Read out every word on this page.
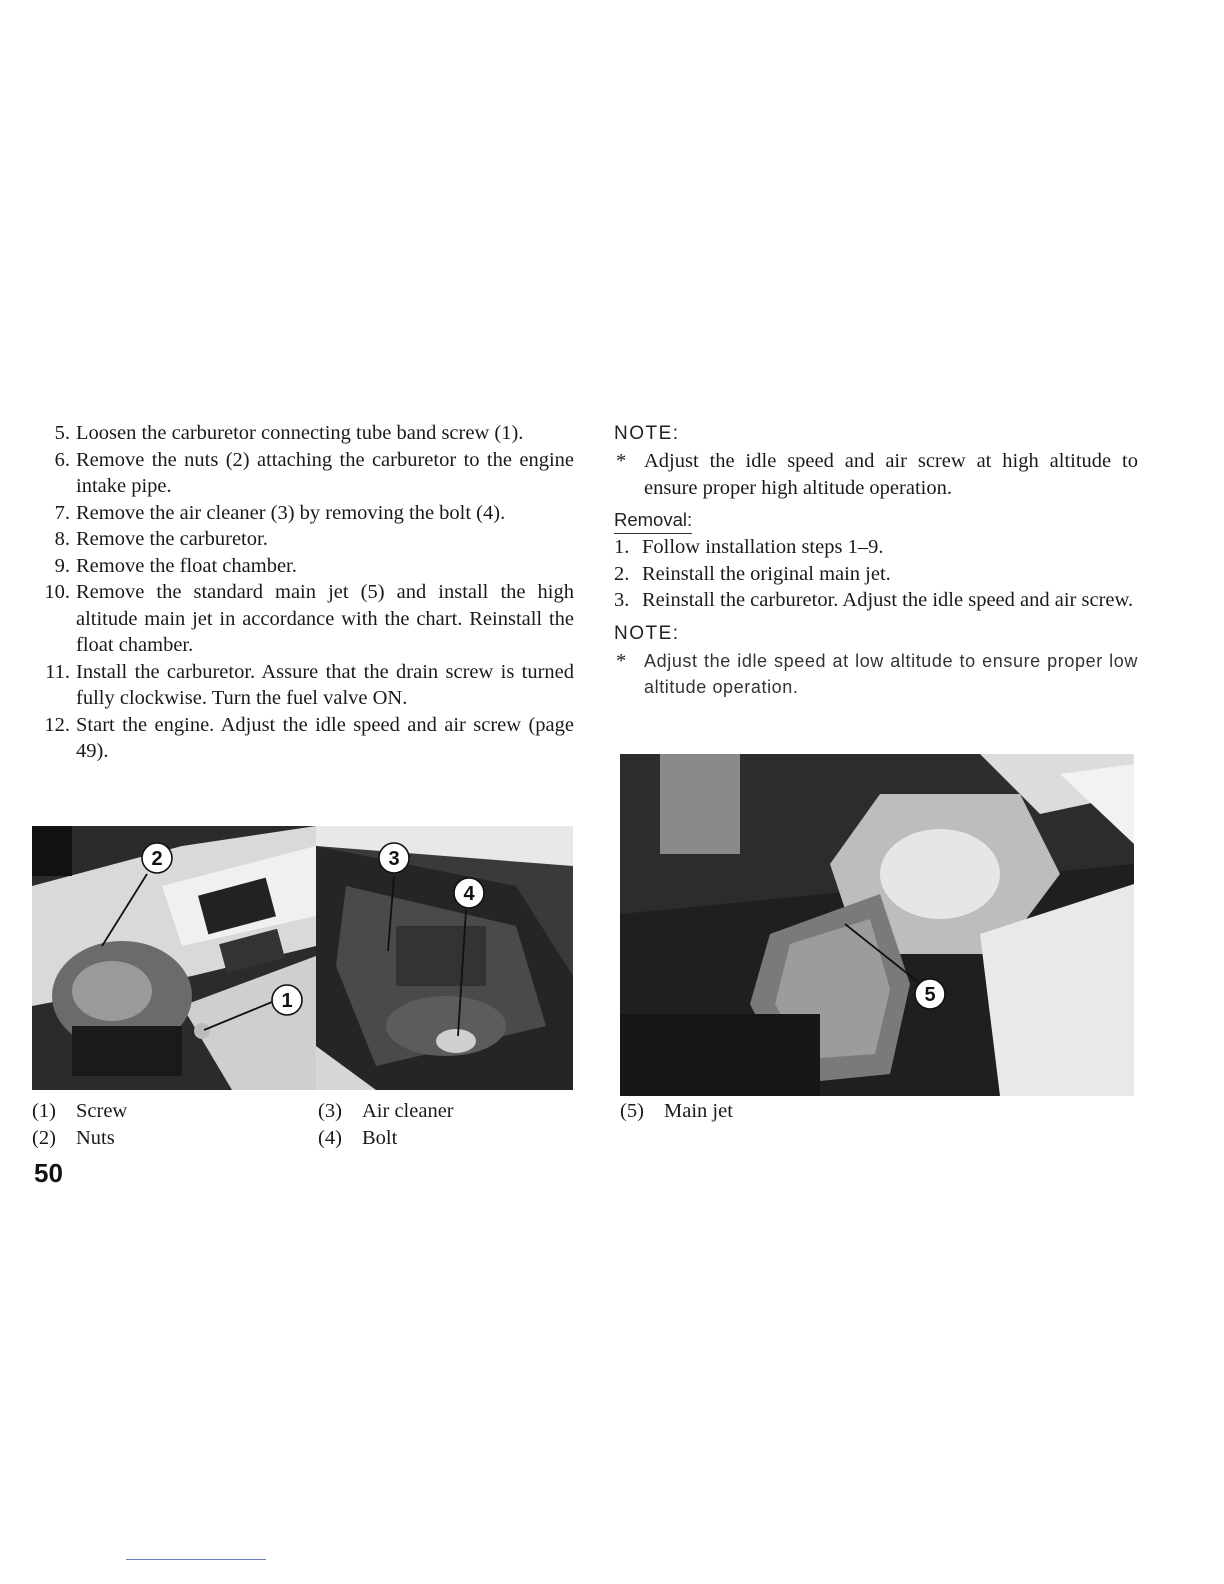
5. Loosen the carburetor connecting tube band screw (1).
6. Remove the nuts (2) attaching the carburetor to the engine intake pipe.
7. Remove the air cleaner (3) by removing the bolt (4).
8. Remove the carburetor.
9. Remove the float chamber.
10. Remove the standard main jet (5) and install the high altitude main jet in accordance with the chart. Reinstall the float chamber.
11. Install the carburetor. Assure that the drain screw is turned fully clockwise. Turn the fuel valve ON.
12. Start the engine. Adjust the idle speed and air screw (page 49).
NOTE:
* Adjust the idle speed and air screw at high altitude to ensure proper high altitude operation.
Removal:
1. Follow installation steps 1–9.
2. Reinstall the original main jet.
3. Reinstall the carburetor. Adjust the idle speed and air screw.
NOTE:
* Adjust the idle speed at low altitude to ensure proper low altitude operation.
2
1
3
4
5
(1) Screw
(2) Nuts
(3) Air cleaner
(4) Bolt
(5) Main jet
50
